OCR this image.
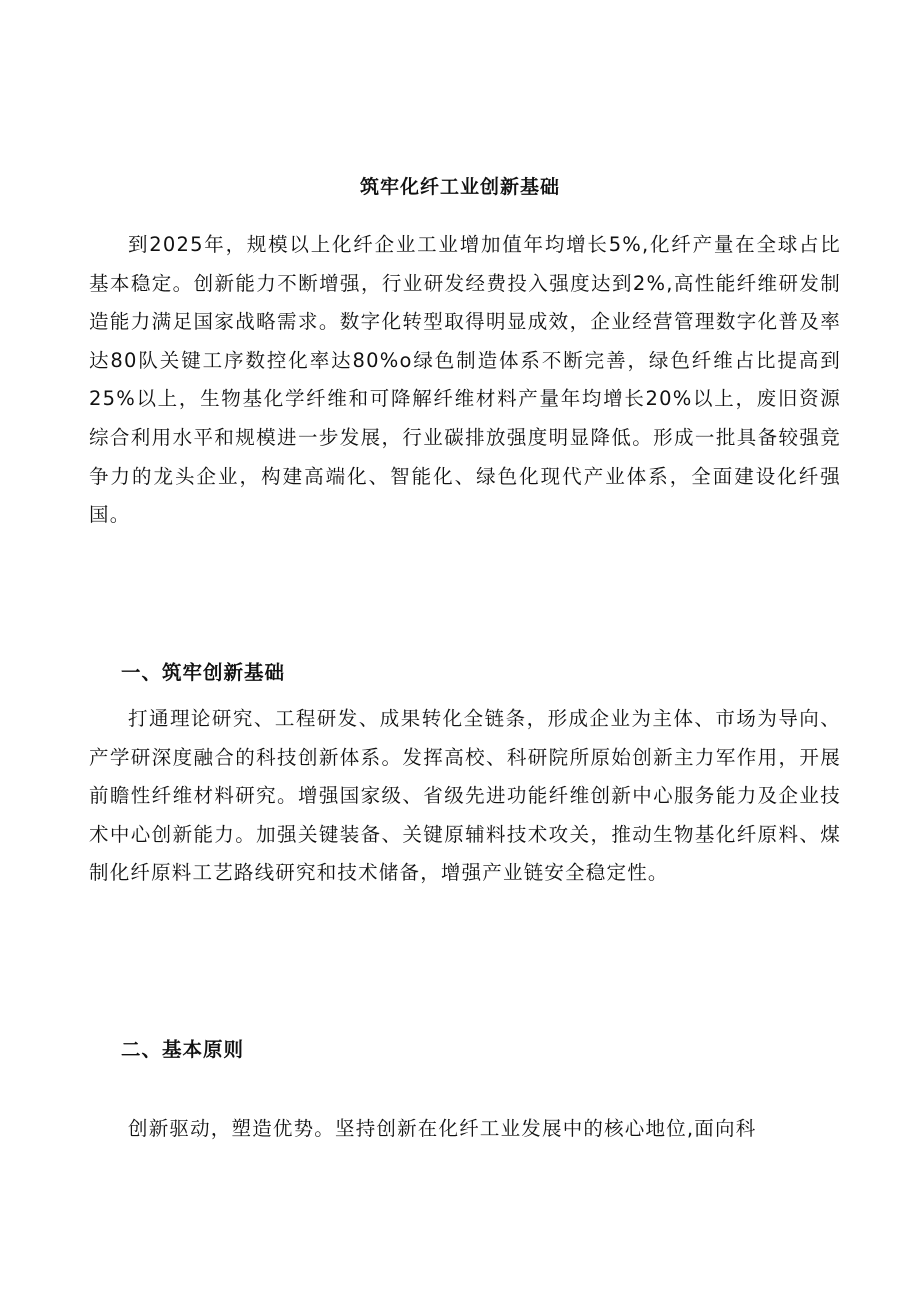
筑牢化纤工业创新基础

到2025年，规模以上化纤企业工业增加值年均增长5%,化纤产量在全球占比基本稳定。创新能力不断增强，行业研发经费投入强度达到2%,高性能纤维研发制造能力满足国家战略需求。数字化转型取得明显成效，企业经营管理数字化普及率达80队关键工序数控化率达80%o绿色制造体系不断完善，绿色纤维占比提高到25%以上，生物基化学纤维和可降解纤维材料产量年均增长20%以上，废旧资源综合利用水平和规模进一步发展，行业碳排放强度明显降低。形成一批具备较强竞争力的龙头企业，构建高端化、智能化、绿色化现代产业体系，全面建设化纤强国。

一、筑牢创新基础

打通理论研究、工程研发、成果转化全链条，形成企业为主体、市场为导向、产学研深度融合的科技创新体系。发挥高校、科研院所原始创新主力军作用，开展前瞻性纤维材料研究。增强国家级、省级先进功能纤维创新中心服务能力及企业技术中心创新能力。加强关键装备、关键原辅料技术攻关，推动生物基化纤原料、煤制化纤原料工艺路线研究和技术储备，增强产业链安全稳定性。

二、基本原则

创新驱动，塑造优势。坚持创新在化纤工业发展中的核心地位,面向科
